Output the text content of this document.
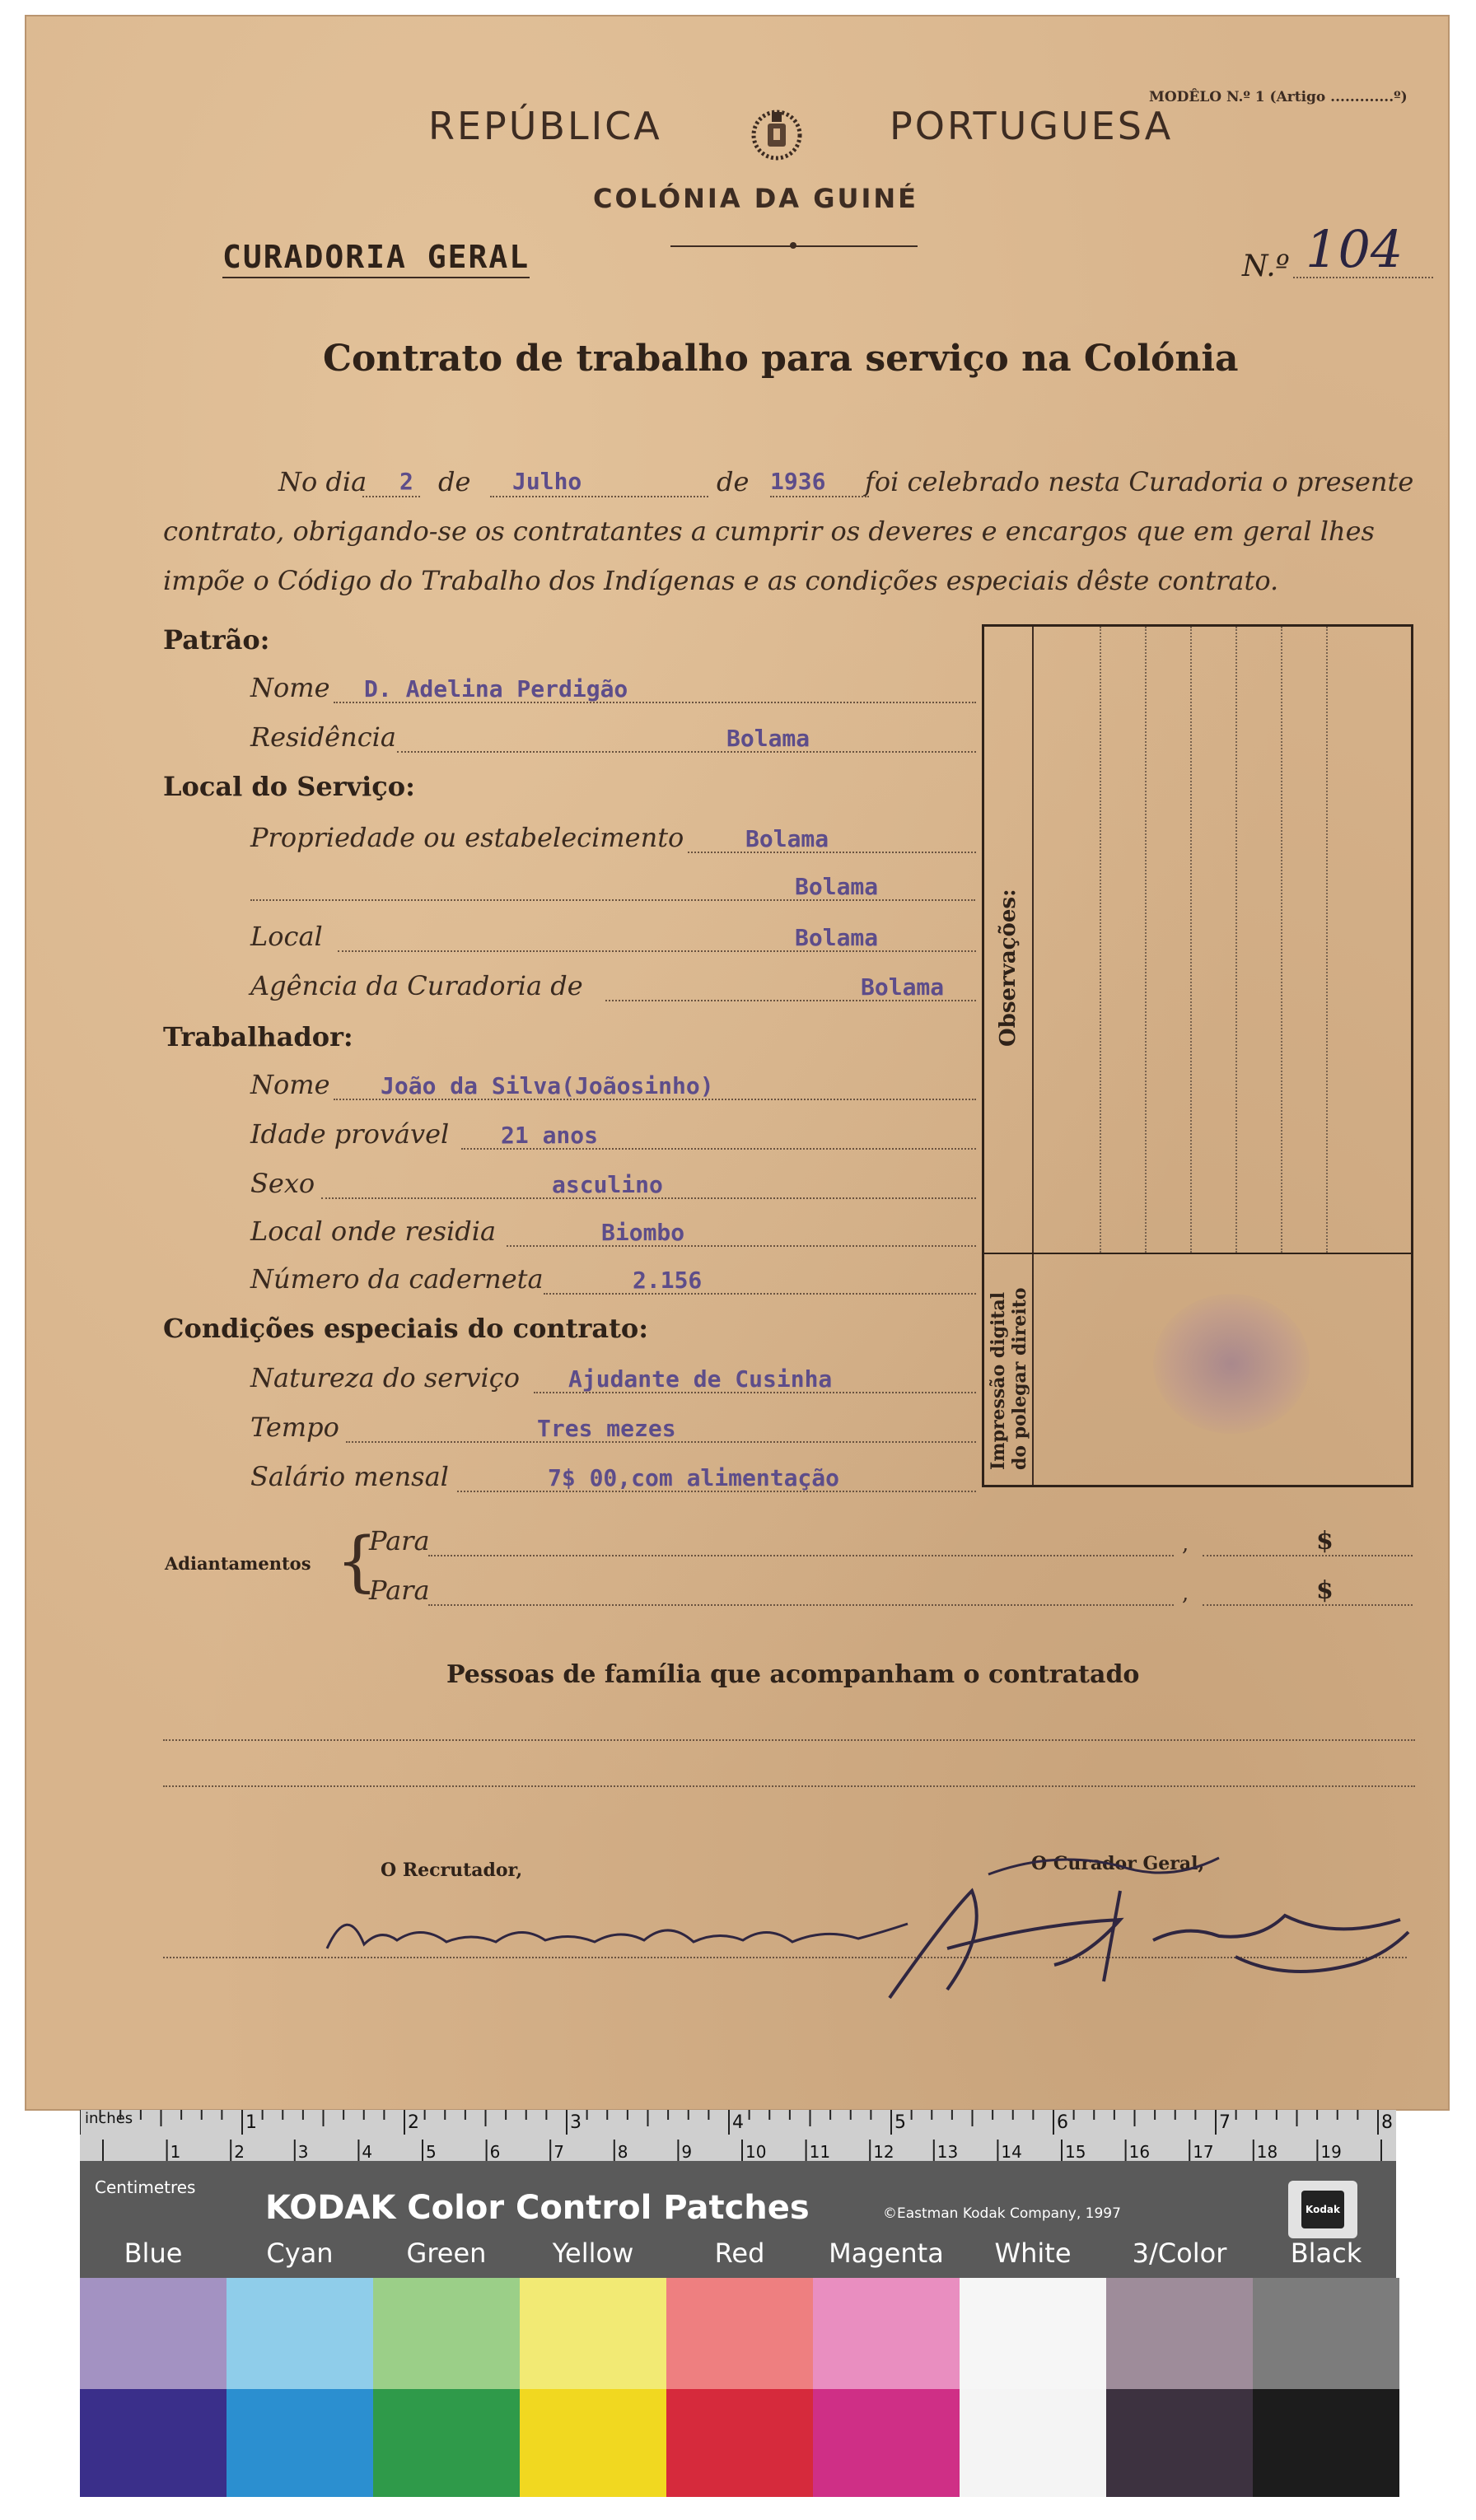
REPÚBLICA	PORTUGUESA
MODÊLO N.º 1 (Artigo .............º)
COLÓNIA DA GUINÉ
CURADORIA GERAL	N.º 104
Contrato de trabalho para serviço na Colónia
No dia 2 de Julho	de 1936 foi celebrado nesta Curadoria o presente
contrato, obrigando-se os contratantes a cumprir os deveres e encargos que em geral lhes
impõe o Código do Trabalho dos Indígenas e as condições especiais dêste contrato.
Patrão:
Nome D. Adelina Perdigão
Residência	Bolama
Local do Serviço:
Propriedade ou estabelecimento	Bolama
Bolama
Local	Bolama
Agência da Curadoria de	Bolama
Trabalhador:
Nome João da Silva(Joãosinho)
Idade provável 21 anos
Sexo	asculino
Local onde residia	Biombo
Número da caderneta	2.156
Condições especiais do contrato:
Natureza do serviço Ajudante de Cusinha
Tempo	Tres mezes
Salário mensal	7$ 00,com alimentação
Observações:
Impressão digital do polegar direito
Adiantamentos {
Para	,	$
Para	,	$
Pessoas de família que acompanham o contratado
O Recrutador,	O Curador Geral,
inches	1	2	3	4	5	6	7	8
1	2	3	4	5	6	7	8	9	10	11	12	13	14	15	16	17	18	19
Centimetres
KODAK Color Control Patches	©Eastman Kodak Company, 1997	Kodak
Blue	Cyan	Green	Yellow	Red	Magenta	White	3/Color	Black
